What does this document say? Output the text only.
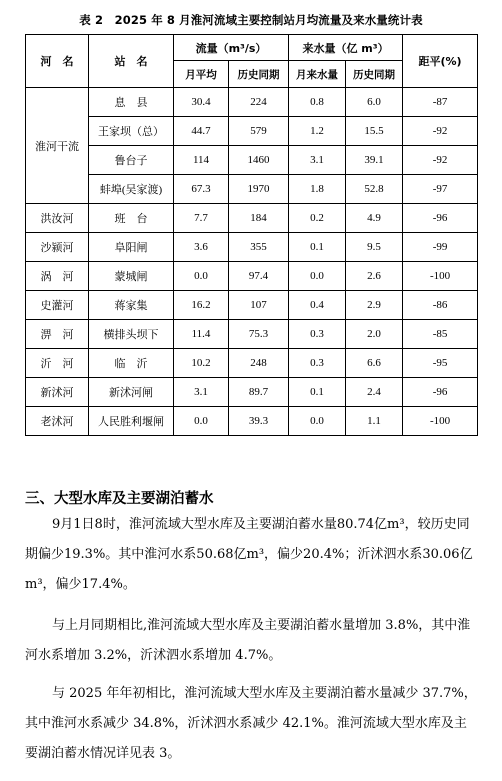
表 2　2025 年 8 月淮河流域主要控制站月均流量及来水量统计表
河　名	站　名	流量（m³/s）		来水量（亿 m³）		距平(%)
		月平均	历史同期	月来水量	历史同期	
淮河干流	息　县	30.4	224	0.8	6.0	-87
	王家坝（总）	44.7	579	1.2	15.5	-92
	鲁台子	114	1460	3.1	39.1	-92
	蚌埠(吴家渡)	67.3	1970	1.8	52.8	-97
洪汝河	班　台	7.7	184	0.2	4.9	-96
沙颍河	阜阳闸	3.6	355	0.1	9.5	-99
涡　河	蒙城闸	0.0	97.4	0.0	2.6	-100
史灌河	蒋家集	16.2	107	0.4	2.9	-86
淠　河	横排头坝下	11.4	75.3	0.3	2.0	-85
沂　河	临　沂	10.2	248	0.3	6.6	-95
新沭河	新沭河闸	3.1	89.7	0.1	2.4	-96
老沭河	人民胜利堰闸	0.0	39.3	0.0	1.1	-100
三、大型水库及主要湖泊蓄水

9月1日8时，淮河流域大型水库及主要湖泊蓄水量80.74亿m³，较历史同期偏少19.3%。其中淮河水系50.68亿m³，偏少20.4%；沂沭泗水系30.06亿m³，偏少17.4%。

与上月同期相比,淮河流域大型水库及主要湖泊蓄水量增加 3.8%，其中淮河水系增加 3.2%，沂沭泗水系增加 4.7%。

与 2025 年年初相比，淮河流域大型水库及主要湖泊蓄水量减少 37.7%，其中淮河水系减少 34.8%，沂沭泗水系减少 42.1%。淮河流域大型水库及主要湖泊蓄水情况详见表 3。
